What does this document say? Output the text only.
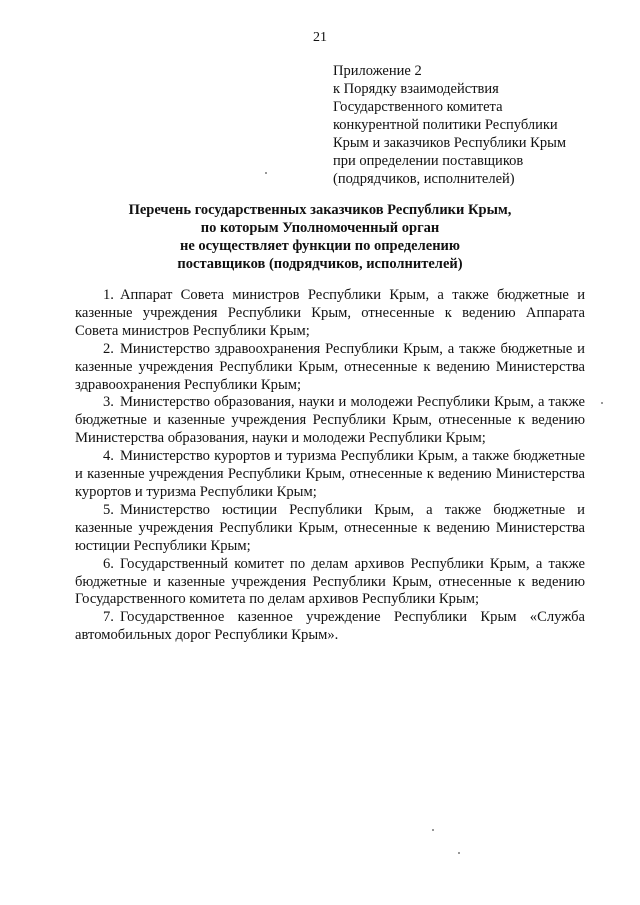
21
Приложение 2
к Порядку взаимодействия
Государственного комитета
конкурентной политики Республики
Крым и заказчиков Республики Крым
при определении поставщиков
(подрядчиков, исполнителей)
Перечень государственных заказчиков Республики Крым,
по которым Уполномоченный орган
не осуществляет функции по определению
поставщиков (подрядчиков, исполнителей)

1. Аппарат Совета министров Республики Крым, а также бюджетные и казенные учреждения Республики Крым, отнесенные к ведению Аппарата Совета министров Республики Крым;

2. Министерство здравоохранения Республики Крым, а также бюджетные и казенные учреждения Республики Крым, отнесенные к ведению Министерства здравоохранения Республики Крым;

3. Министерство образования, науки и молодежи Республики Крым, а также бюджетные и казенные учреждения Республики Крым, отнесенные к ведению Министерства образования, науки и молодежи Республики Крым;

4. Министерство курортов и туризма Республики Крым, а также бюджетные и казенные учреждения Республики Крым, отнесенные к ведению Министерства курортов и туризма Республики Крым;

5. Министерство юстиции Республики Крым, а также бюджетные и казенные учреждения Республики Крым, отнесенные к ведению Министерства юстиции Республики Крым;

6. Государственный комитет по делам архивов Республики Крым, а также бюджетные и казенные учреждения Республики Крым, отнесенные к ведению Государственного комитета по делам архивов Республики Крым;

7. Государственное казенное учреждение Республики Крым «Служба автомобильных дорог Республики Крым».
